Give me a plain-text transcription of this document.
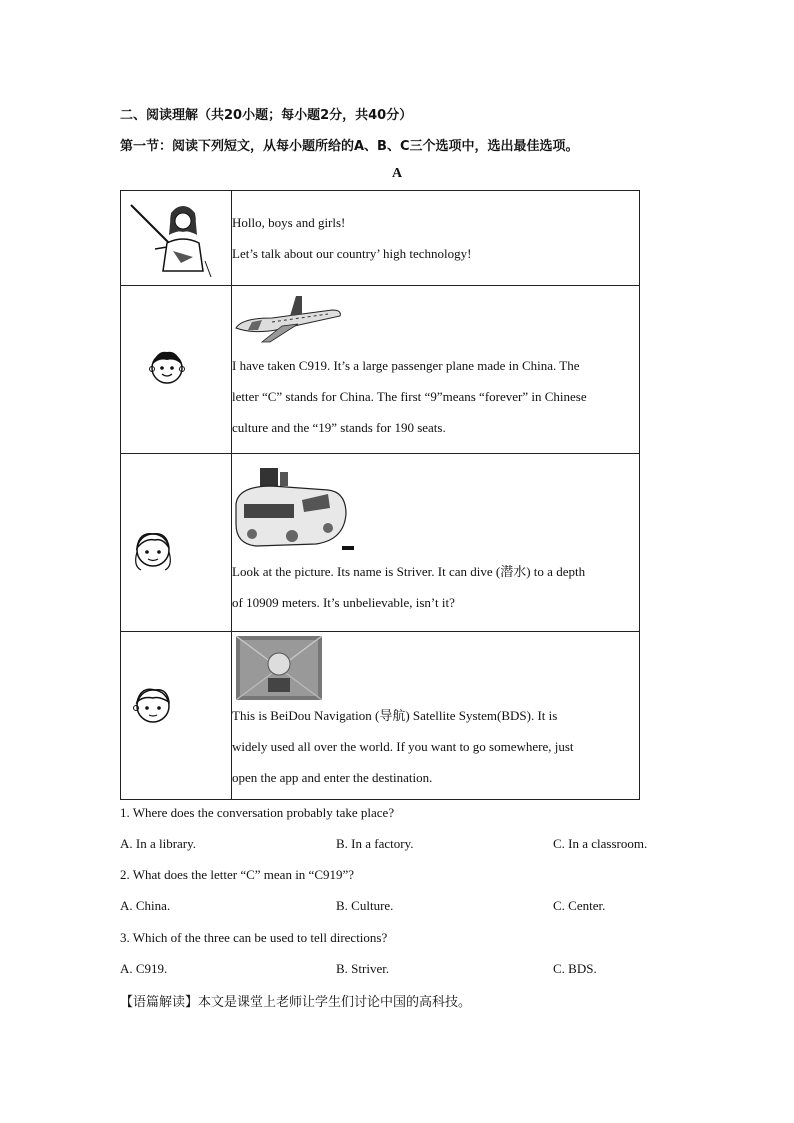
二、阅读理解（共20小题；每小题2分，共40分）
第一节：阅读下列短文，从每小题所给的A、B、C三个选项中，选出最佳选项。
A

Hollo, boys and girls!
Let’s talk about our country’ high technology!

I have taken C919. It’s a large passenger plane made in China. The
letter “C” stands for China. The first “9”means “forever” in Chinese
culture and the “19” stands for 190 seats.

Look at the picture. Its name is Striver. It can dive (潜水) to a depth
of 10909 meters. It’s unbelievable, isn’t it?

This is BeiDou Navigation (导航) Satellite System(BDS). It is
widely used all over the world. If you want to go somewhere, just
open the app and enter the destination.
1. Where does the conversation probably take place?
A. In a library.	B. In a factory.	C. In a classroom.
2. What does the letter “C” mean in “C919”?
A. China.	B. Culture.	C. Center.
3. Which of the three can be used to tell directions?
A. C919.	B. Striver.	C. BDS.
【语篇解读】本文是课堂上老师让学生们讨论中国的高科技。
